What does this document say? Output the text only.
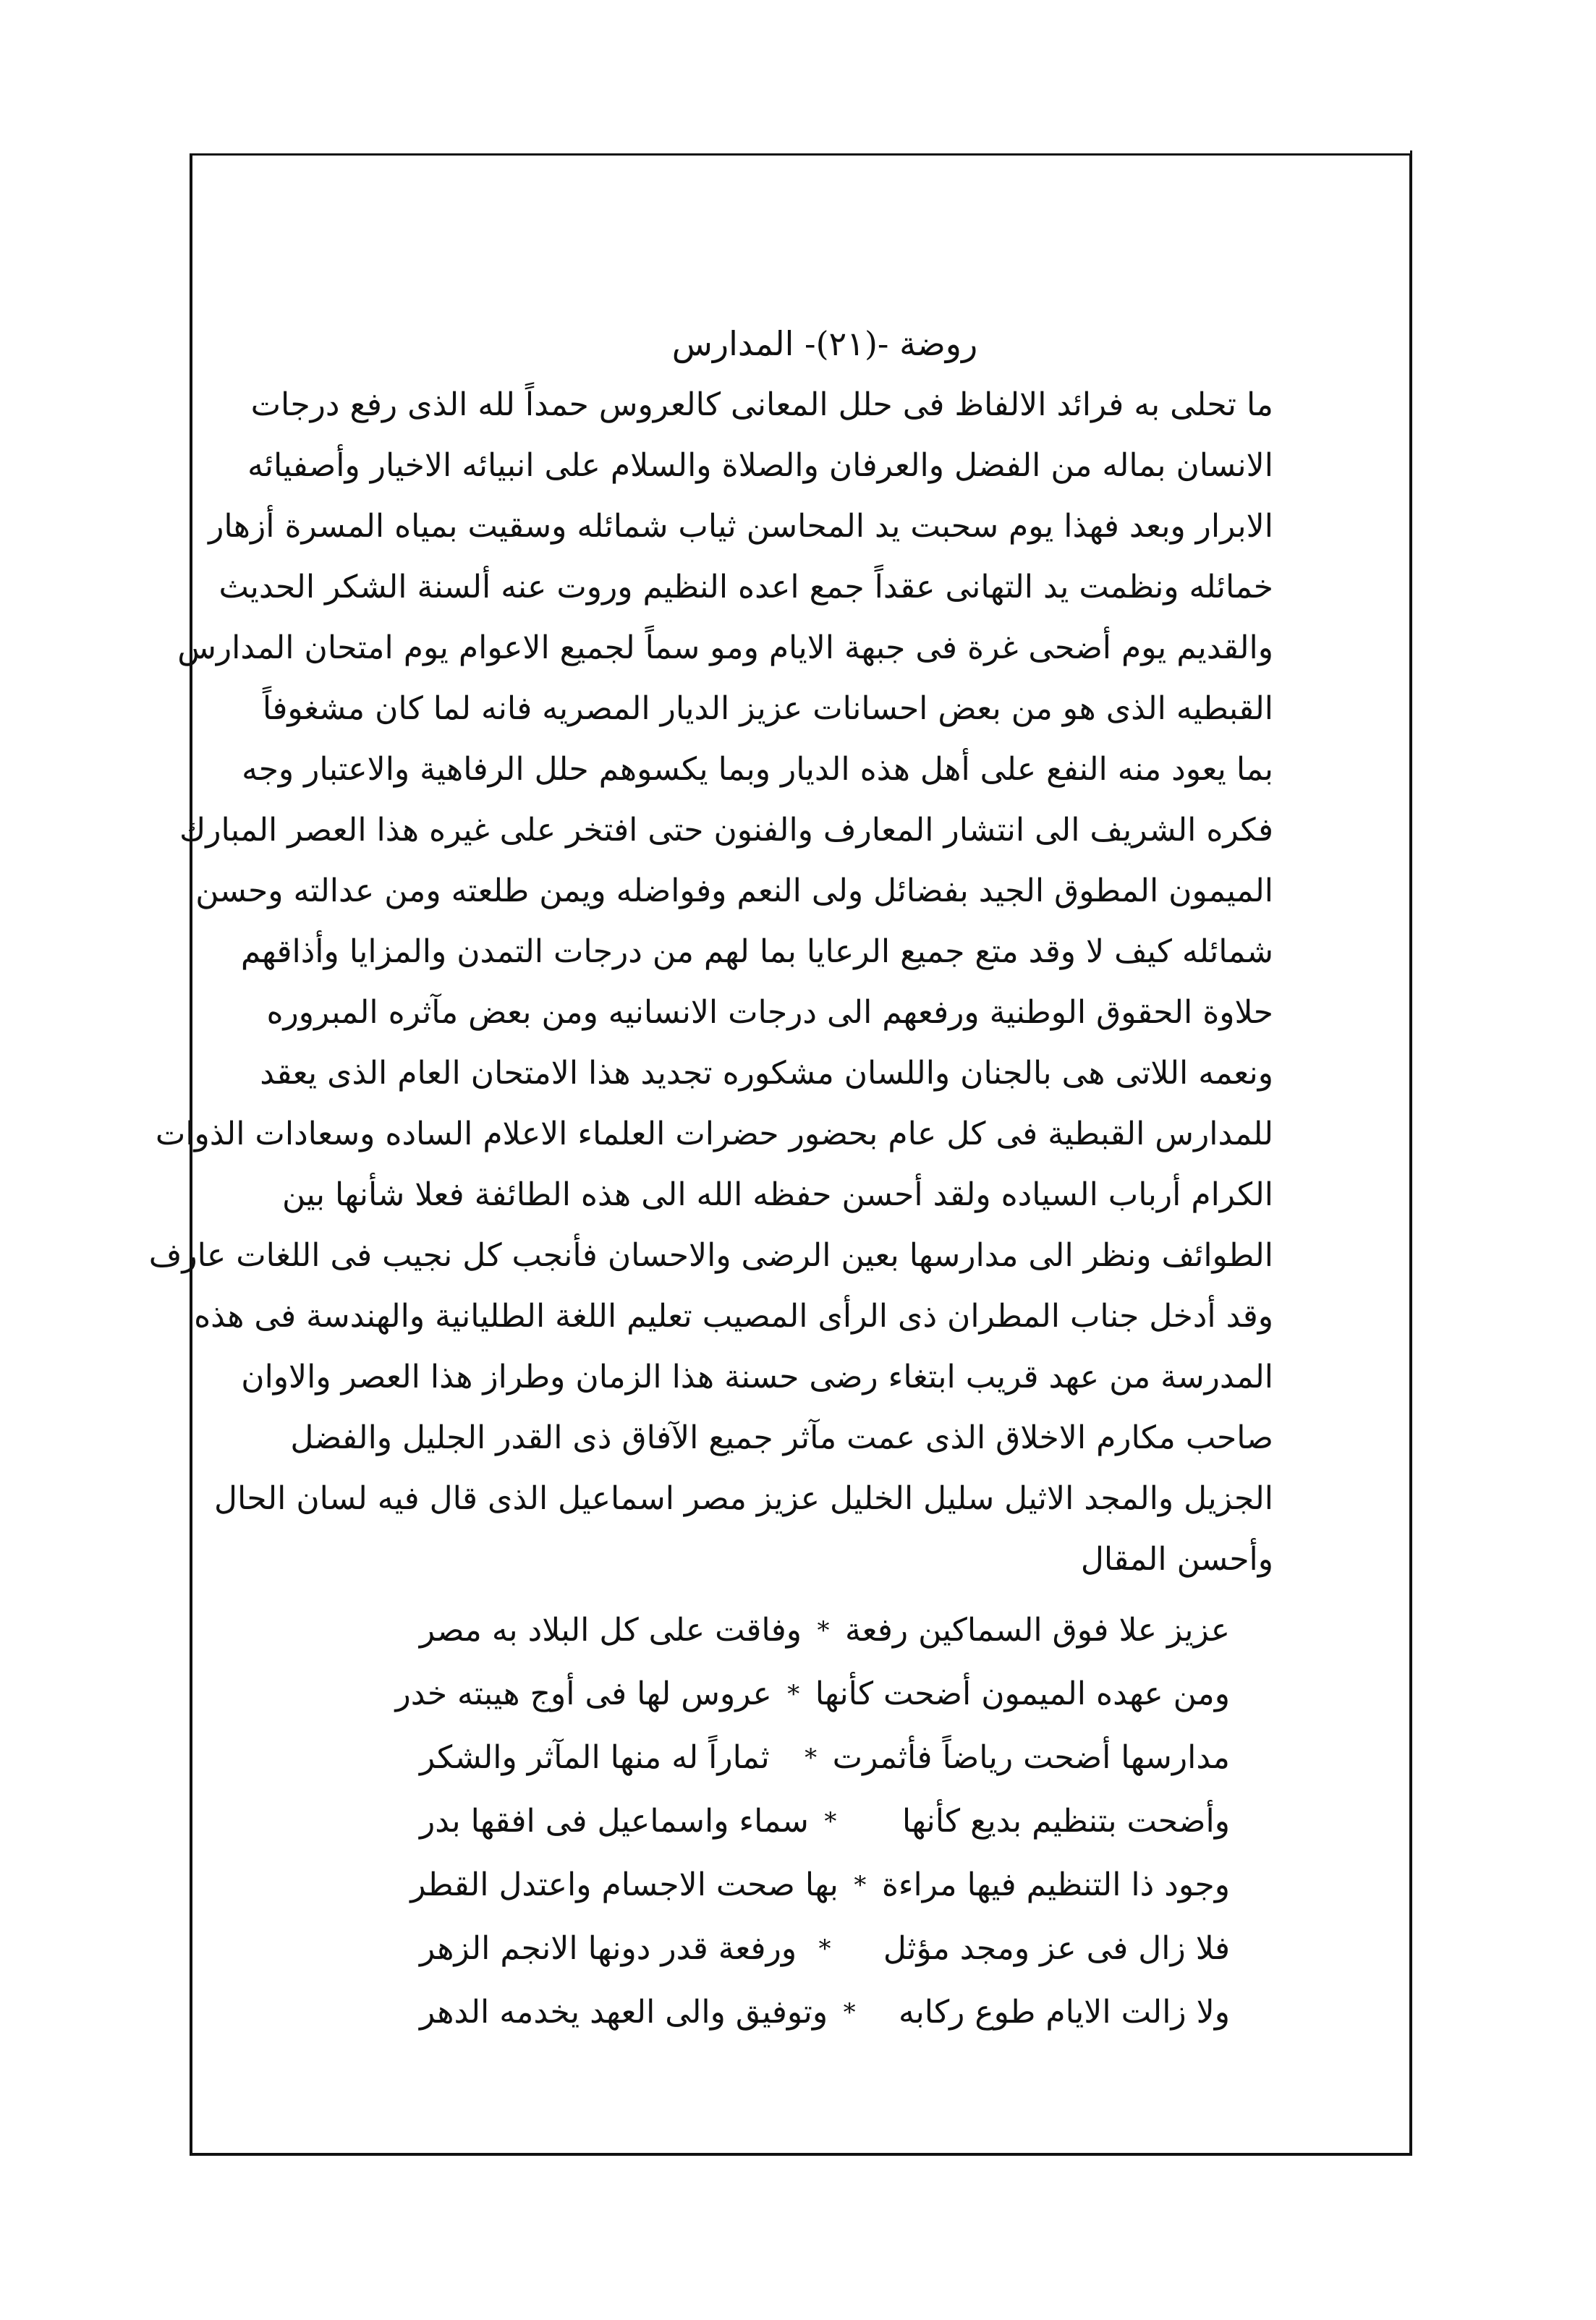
روضة -(٢١)- المدارس
ما تحلى به فرائد الالفاظ فى حلل المعانى كالعروس حمداً لله الذى رفع درجات
الانسان بماله من الفضل والعرفان والصلاة والسلام على انبيائه الاخيار وأصفيائه
الابرار وبعد فهذا يوم سحبت يد المحاسن ثياب شمائله وسقيت بمياه المسرة أزهار
خمائله ونظمت يد التهانى عقداً جمع اعده النظيم وروت عنه ألسنة الشكر الحديث
والقديم يوم أضحى غرة فى جبهة الايام ومو سماً لجميع الاعوام يوم امتحان المدارس
القبطيه الذى هو من بعض احسانات عزيز الديار المصريه فانه لما كان مشغوفاً
بما يعود منه النفع على أهل هذه الديار وبما يكسوهم حلل الرفاهية والاعتبار وجه
فكره الشريف الى انتشار المعارف والفنون حتى افتخر على غيره هذا العصر المبارك
الميمون المطوق الجيد بفضائل ولى النعم وفواضله ويمن طلعته ومن عدالته وحسن
شمائله كيف لا وقد متع جميع الرعايا بما لهم من درجات التمدن والمزايا وأذاقهم
حلاوة الحقوق الوطنية ورفعهم الى درجات الانسانيه ومن بعض مآثره المبروره
ونعمه اللاتى هى بالجنان واللسان مشكوره تجديد هذا الامتحان العام الذى يعقد
للمدارس القبطية فى كل عام بحضور حضرات العلماء الاعلام الساده وسعادات الذوات
الكرام أرباب السياده ولقد أحسن حفظه الله الى هذه الطائفة فعلا شأنها بين
الطوائف ونظر الى مدارسها بعين الرضى والاحسان فأنجب كل نجيب فى اللغات عارف
وقد أدخل جناب المطران ذى الرأى المصيب تعليم اللغة الطليانية والهندسة فى هذه
المدرسة من عهد قريب ابتغاء رضى حسنة هذا الزمان وطراز هذا العصر والاوان
صاحب مكارم الاخلاق الذى عمت مآثر جميع الآفاق ذى القدر الجليل والفضل
الجزيل والمجد الاثيل سليل الخليل عزيز مصر اسماعيل الذى قال فيه لسان الحال
وأحسن المقال
عزيز علا فوق السماكين رفعة
*
وفاقت على كل البلاد به مصر
ومن عهده الميمون أضحت كأنها
*
عروس لها فى أوج هيبته خدر
مدارسها أضحت رياضاً فأثمرت
*
ثماراً له منها المآثر والشكر
وأضحت بتنظيم بديع كأنها
*
سماء واسماعيل فى افقها بدر
وجود ذا التنظيم فيها مراءة
*
بها صحت الاجسام واعتدل القطر
فلا زال فى عز ومجد مؤثل
*
ورفعة قدر دونها الانجم الزهر
ولا زالت الايام طوع ركابه
*
وتوفيق والى العهد يخدمه الدهر
